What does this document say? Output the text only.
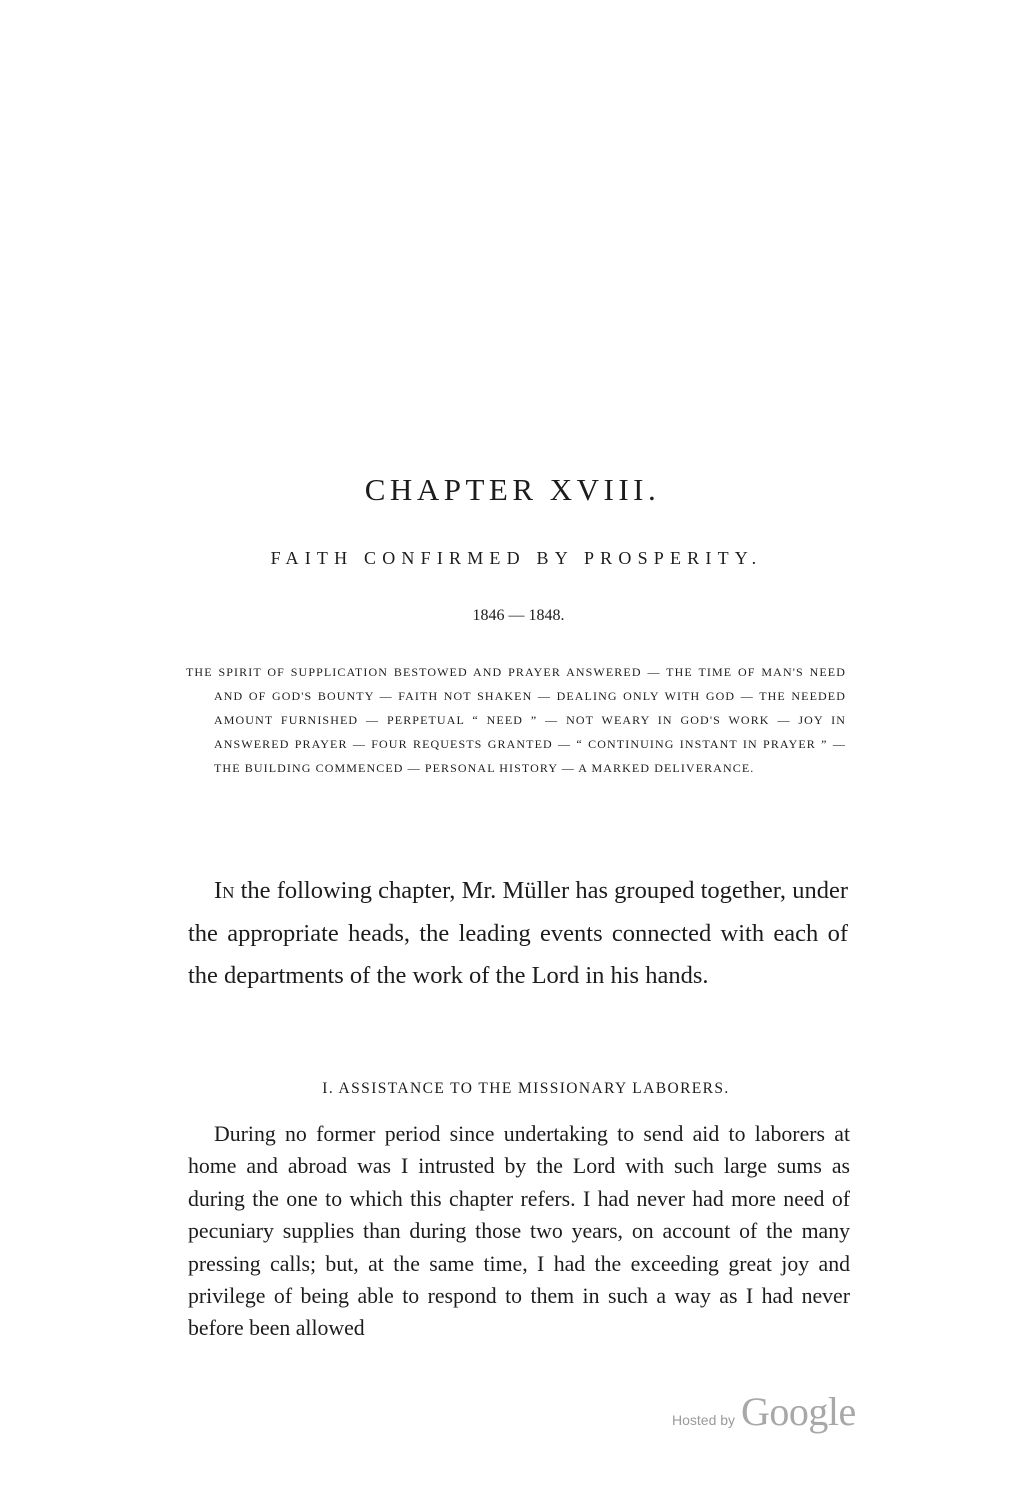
CHAPTER XVIII.
FAITH CONFIRMED BY PROSPERITY.
1846 — 1848.

THE SPIRIT OF SUPPLICATION BESTOWED AND PRAYER ANSWERED — THE TIME OF MAN'S NEED AND OF GOD'S BOUNTY — FAITH NOT SHAKEN — DEALING ONLY WITH GOD — THE NEEDED AMOUNT FURNISHED — PERPETUAL “ NEED ” — NOT WEARY IN GOD'S WORK — JOY IN ANSWERED PRAYER — FOUR REQUESTS GRANTED — “ CONTINUING INSTANT IN PRAYER ” — THE BUILDING COMMENCED — PERSONAL HISTORY — A MARKED DELIVERANCE.

In the following chapter, Mr. Müller has grouped together, under the appropriate heads, the leading events connected with each of the departments of the work of the Lord in his hands.

I. ASSISTANCE TO THE MISSIONARY LABORERS.

During no former period since undertaking to send aid to laborers at home and abroad was I intrusted by the Lord with such large sums as during the one to which this chapter refers. I had never had more need of pecuniary supplies than during those two years, on account of the many pressing calls; but, at the same time, I had the exceeding great joy and privilege of being able to respond to them in such a way as I had never before been allowed

Hosted by Google
